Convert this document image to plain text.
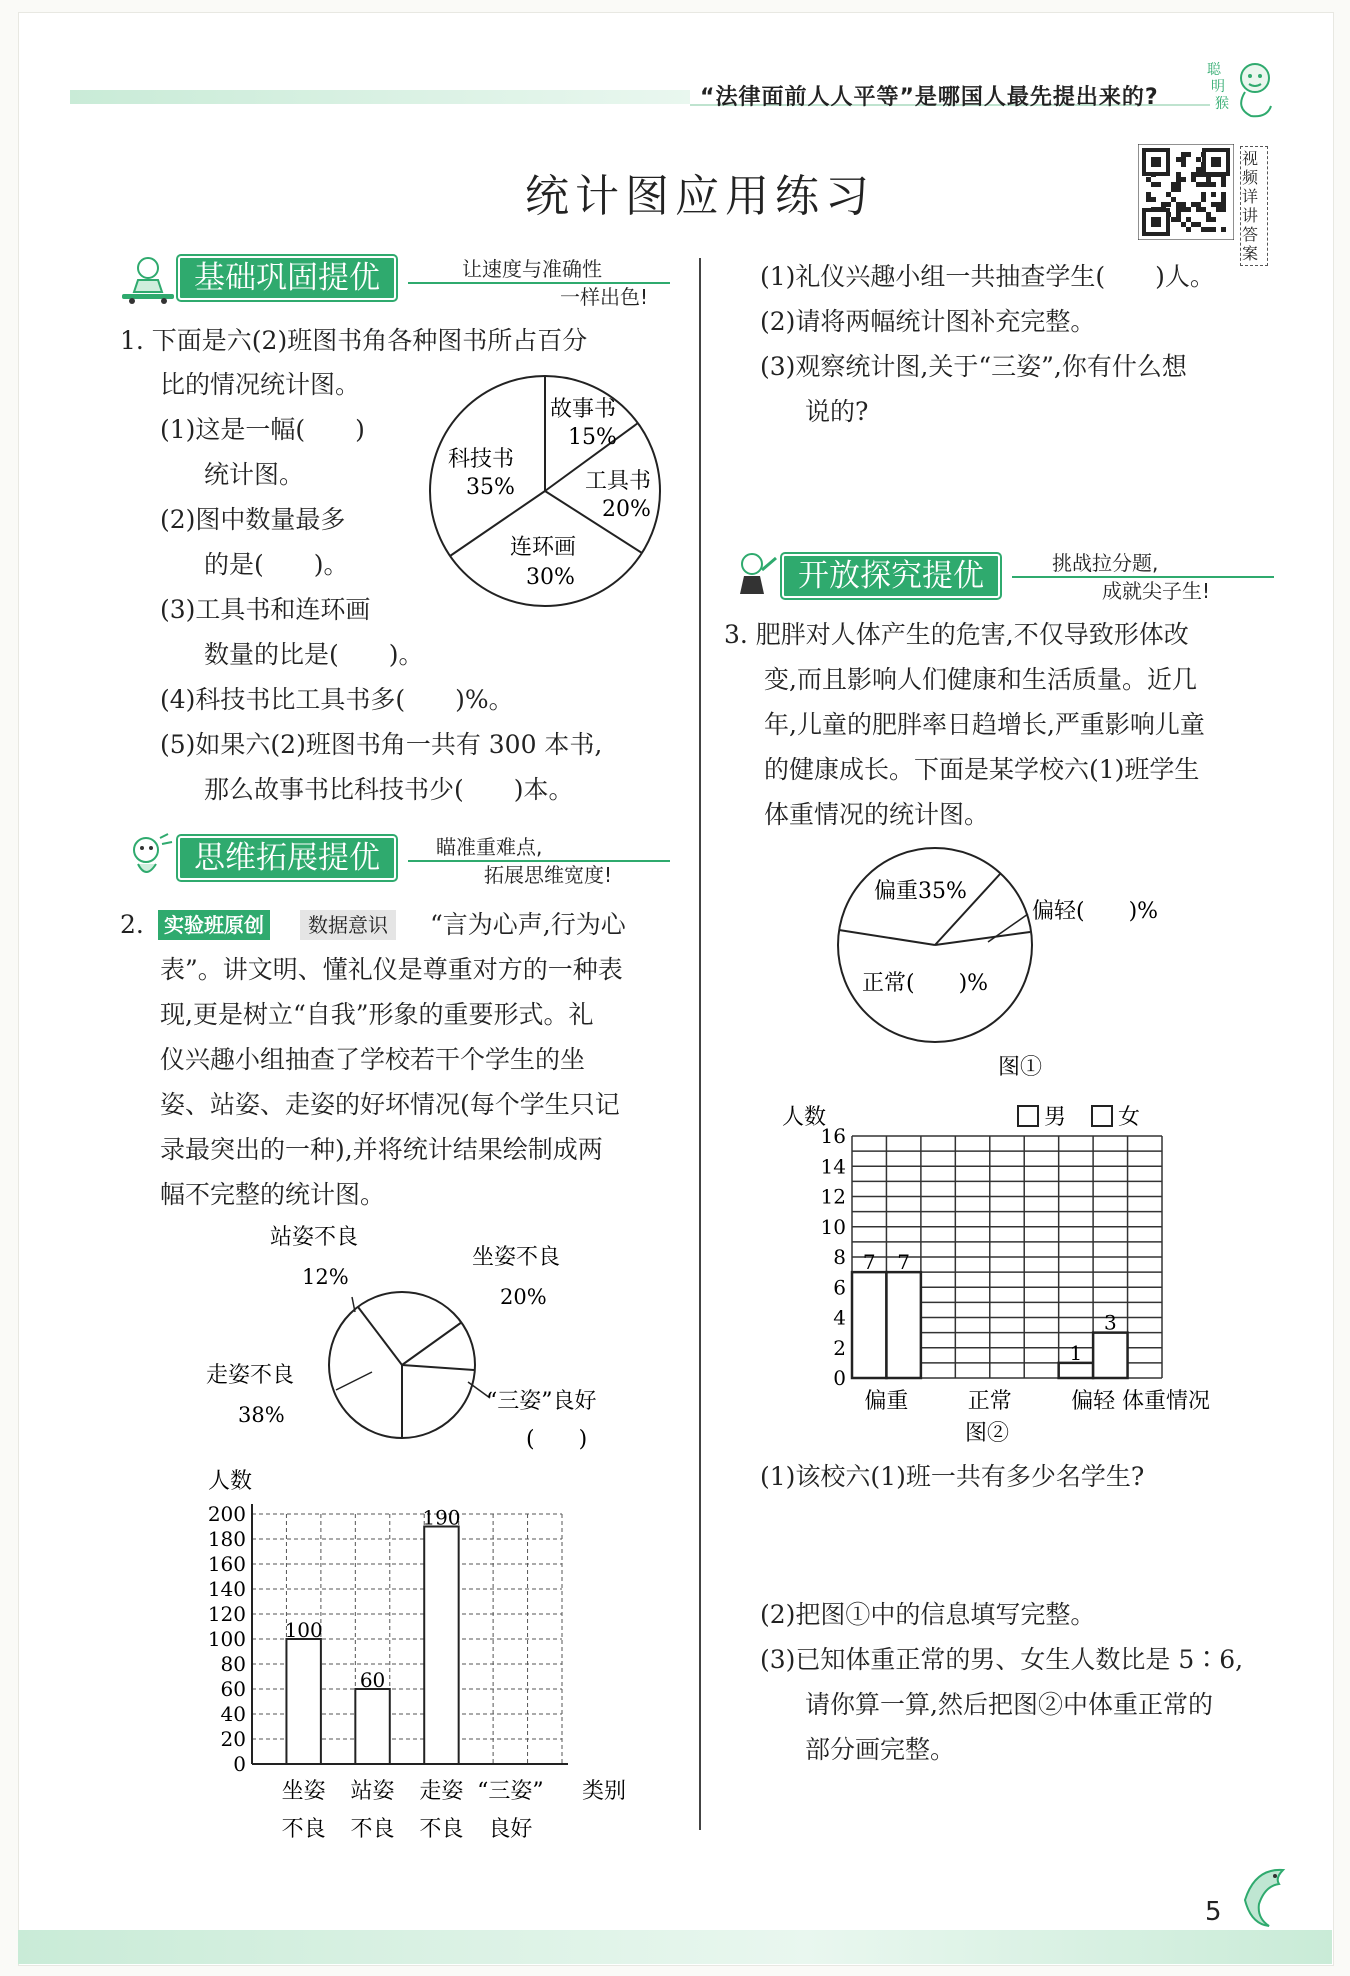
“法律面前人人平等”是哪国人最先提出来的?
聪
明
猴
统计图应用练习
视频详讲答案
基础巩固提优	让速度与准确性
一样出色!
1. 下面是六(2)班图书角各种图书所占百分
比的情况统计图。
(1)这是一幅(　　)
统计图。
(2)图中数量最多
的是(　　)。
(3)工具书和连环画
数量的比是(　　)。
(4)科技书比工具书多(　　)%。
(5)如果六(2)班图书角一共有 300 本书,
那么故事书比科技书少(　　)本。
故事书
15%
工具书
20%
科技书
35%
连环画
30%
思维拓展提优	瞄准重难点,
拓展思维宽度!
2.	实验班原创	数据意识	“言为心声,行为心
表”。讲文明、懂礼仪是尊重对方的一种表
现,更是树立“自我”形象的重要形式。礼
仪兴趣小组抽查了学校若干个学生的坐
姿、站姿、走姿的好坏情况(每个学生只记
录最突出的一种),并将统计结果绘制成两
幅不完整的统计图。
站姿不良
12%
坐姿不良
20%
走姿不良
38%
“三姿”良好
(　　)
0
20
40
60
80
100
120
140
160
180
200
人数
100
坐姿
不良
60
站姿
不良
190
走姿
不良
“三姿”
良好
类别
(1)礼仪兴趣小组一共抽查学生(　　)人。
(2)请将两幅统计图补充完整。
(3)观察统计图,关于“三姿”,你有什么想
说的?
开放探究提优	挑战拉分题,
成就尖子生!
3. 肥胖对人体产生的危害,不仅导致形体改
变,而且影响人们健康和生活质量。近几
年,儿童的肥胖率日趋增长,严重影响儿童
的健康成长。下面是某学校六(1)班学生
体重情况的统计图。
偏重35%
偏轻(　　)%
正常(　　)%
图①
0
2
4
6
8
10
12
14
16
人数	男 女
7 7
偏重	正常
1
3
偏轻 体重情况
图②
(1)该校六(1)班一共有多少名学生?
(2)把图①中的信息填写完整。
(3)已知体重正常的男、女生人数比是 5∶6,
请你算一算,然后把图②中体重正常的
部分画完整。
5
